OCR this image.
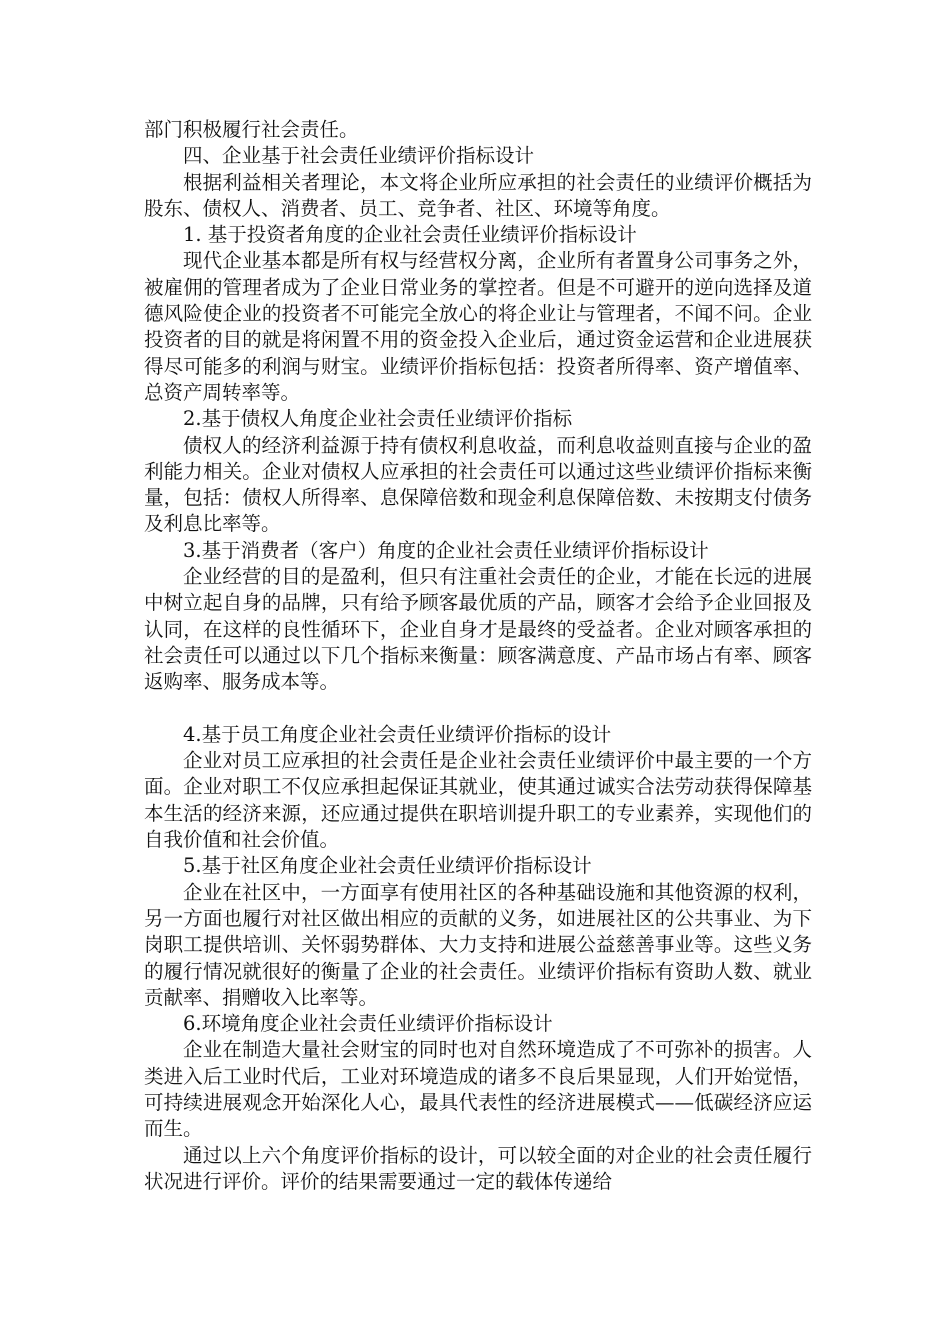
部门积极履行社会责任。

四、企业基于社会责任业绩评价指标设计

根据利益相关者理论，本文将企业所应承担的社会责任的业绩评价概括为股东、债权人、消费者、员工、竞争者、社区、环境等角度。

1. 基于投资者角度的企业社会责任业绩评价指标设计

现代企业基本都是所有权与经营权分离，企业所有者置身公司事务之外，被雇佣的管理者成为了企业日常业务的掌控者。但是不可避开的逆向选择及道德风险使企业的投资者不可能完全放心的将企业让与管理者，不闻不问。企业投资者的目的就是将闲置不用的资金投入企业后，通过资金运营和企业进展获得尽可能多的利润与财宝。业绩评价指标包括：投资者所得率、资产增值率、总资产周转率等。

2.基于债权人角度企业社会责任业绩评价指标

债权人的经济利益源于持有债权利息收益，而利息收益则直接与企业的盈利能力相关。企业对债权人应承担的社会责任可以通过这些业绩评价指标来衡量，包括：债权人所得率、息保障倍数和现金利息保障倍数、未按期支付债务及利息比率等。

3.基于消费者（客户）角度的企业社会责任业绩评价指标设计

企业经营的目的是盈利，但只有注重社会责任的企业，才能在长远的进展中树立起自身的品牌，只有给予顾客最优质的产品，顾客才会给予企业回报及认同，在这样的良性循环下，企业自身才是最终的受益者。企业对顾客承担的社会责任可以通过以下几个指标来衡量：顾客满意度、产品市场占有率、顾客返购率、服务成本等。

4.基于员工角度企业社会责任业绩评价指标的设计

企业对员工应承担的社会责任是企业社会责任业绩评价中最主要的一个方面。企业对职工不仅应承担起保证其就业，使其通过诚实合法劳动获得保障基本生活的经济来源，还应通过提供在职培训提升职工的专业素养，实现他们的自我价值和社会价值。

5.基于社区角度企业社会责任业绩评价指标设计

企业在社区中，一方面享有使用社区的各种基础设施和其他资源的权利，另一方面也履行对社区做出相应的贡献的义务，如进展社区的公共事业、为下岗职工提供培训、关怀弱势群体、大力支持和进展公益慈善事业等。这些义务的履行情况就很好的衡量了企业的社会责任。业绩评价指标有资助人数、就业贡献率、捐赠收入比率等。

6.环境角度企业社会责任业绩评价指标设计

企业在制造大量社会财宝的同时也对自然环境造成了不可弥补的损害。人类进入后工业时代后，工业对环境造成的诸多不良后果显现，人们开始觉悟，可持续进展观念开始深化人心，最具代表性的经济进展模式——低碳经济应运而生。

通过以上六个角度评价指标的设计，可以较全面的对企业的社会责任履行状况进行评价。评价的结果需要通过一定的载体传递给
